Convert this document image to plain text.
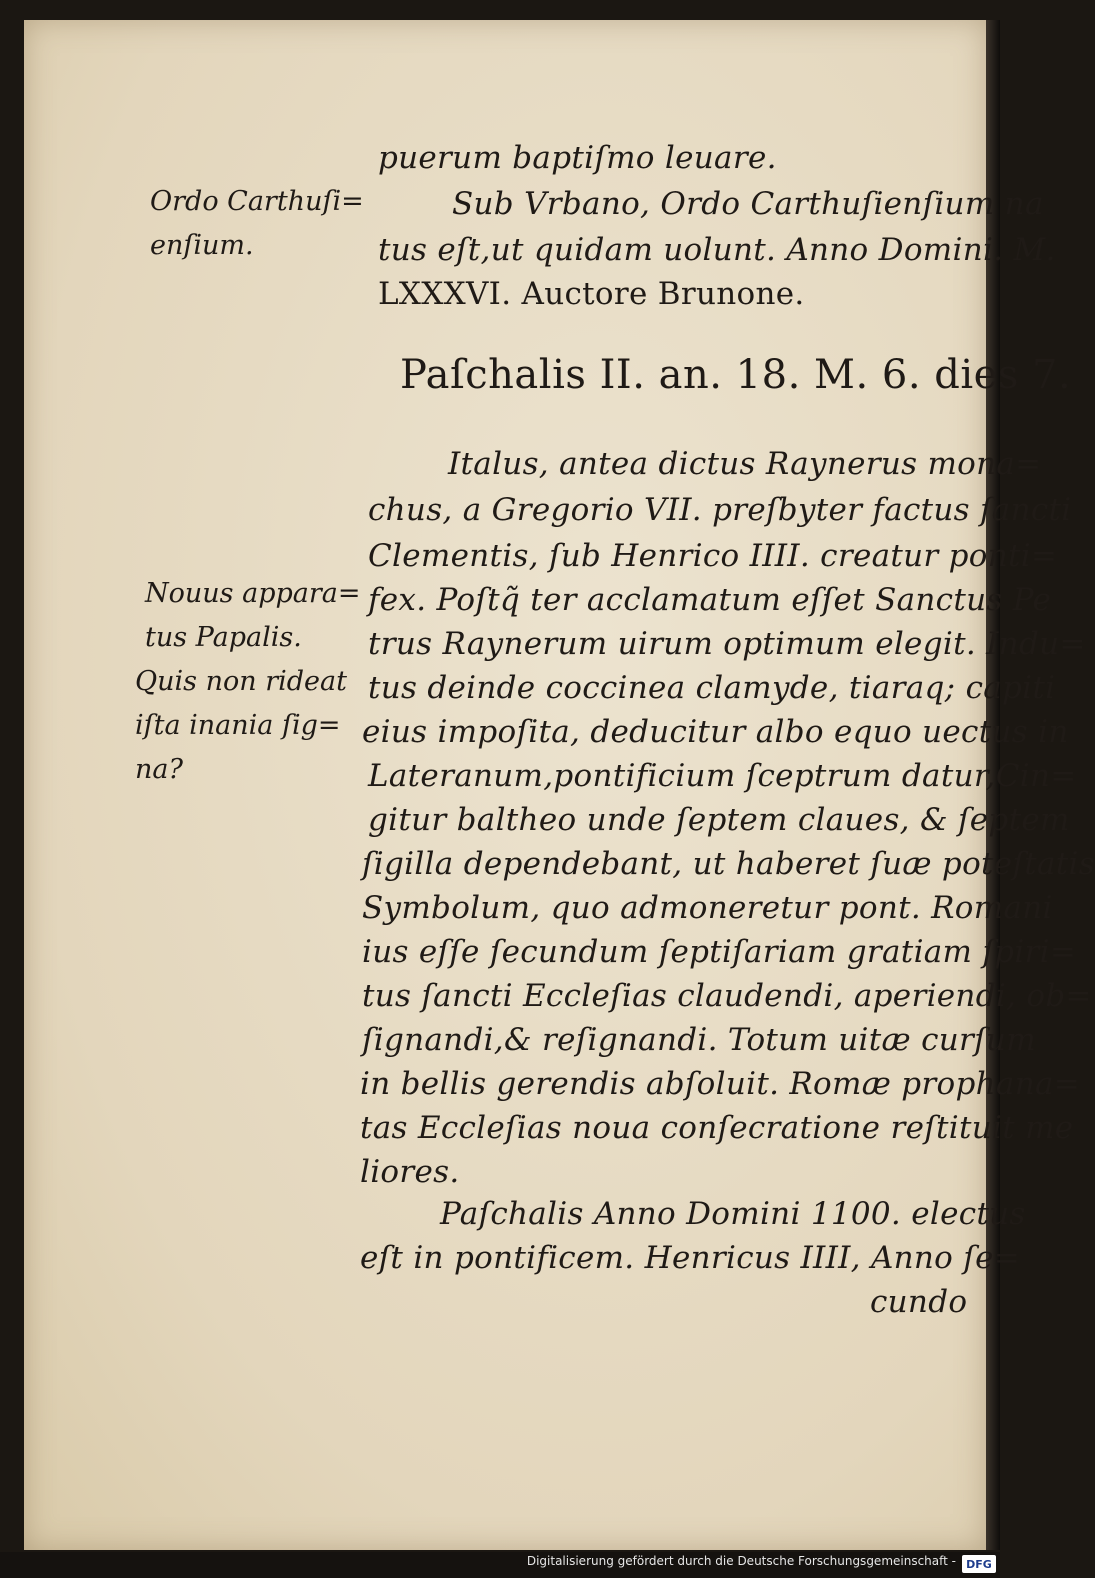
Ordo Carthuſi=
enſium.
Nouus appara=
tus Papalis.
Quis non rideat
iſta inania ſig=
na?
puerum baptiſmo leuare.
Sub Vrbano, Ordo Carthuſienſium na
tus eſt,ut quidam uolunt. Anno Domini. M.
LXXXVI. Auctore Brunone.
Paſchalis II. an. 18. M. 6. dies 7.
Italus, antea dictus Raynerus mona=
chus, a Gregorio VII. preſbyter factus ſancti
Clementis, ſub Henrico IIII. creatur ponti=
fex. Poſtq̃ ter acclamatum eſſet Sanctus Pe
trus Raynerum uirum optimum elegit. Indu=
tus deinde coccinea clamyde, tiaraq; capiti
eius impoſita, deducitur albo equo uectus in
Lateranum,pontificium ſceptrum datur,Cin=
gitur baltheo unde ſeptem claues, & ſeptem
ſigilla dependebant, ut haberet ſuæ poteſtatis
Symbolum, quo admoneretur pont. Romani
ius eſſe ſecundum ſeptiſariam gratiam ſpiri=
tus ſancti Eccleſias claudendi, aperiendi, ob=
ſignandi,& reſignandi. Totum uitæ curſum
in bellis gerendis abſoluit. Romæ prophana=
tas Eccleſias noua conſecratione reſtituit me
liores.
Paſchalis Anno Domini 1100. electus
eſt in pontificem. Henricus IIII, Anno ſe=
cundo
Digitalisierung gefördert durch die Deutsche Forschungsgemeinschaft - DFG
